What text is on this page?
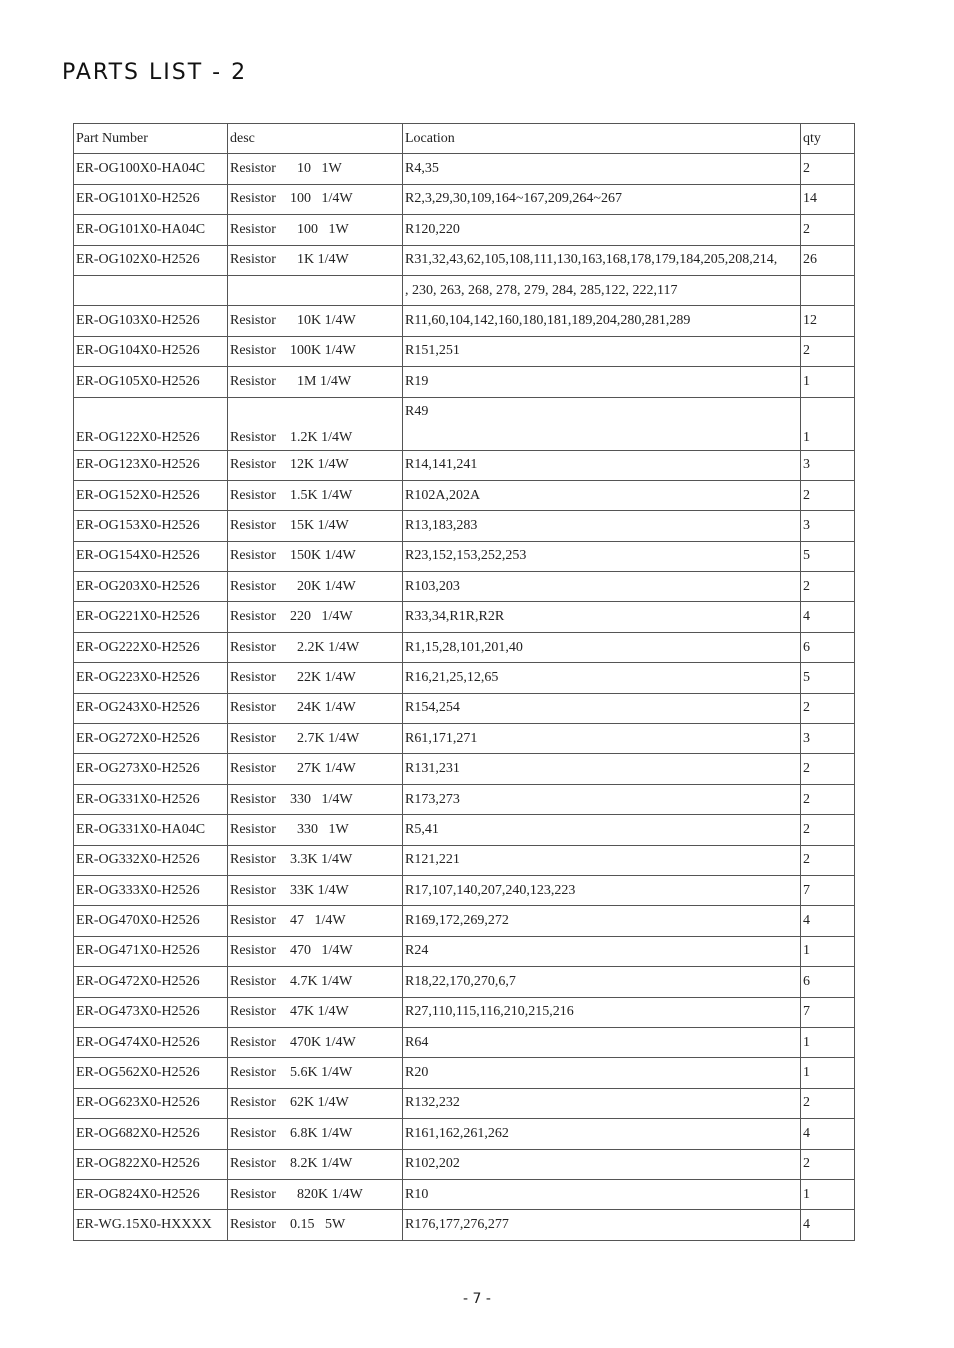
PARTS LIST - 2
Part Number	desc	Location	qty
ER-OG100X0-HA04C	Resistor  10   1W	R4,35	2
ER-OG101X0-H2526	Resistor 100   1/4W	R2,3,29,30,109,164~167,209,264~267	14
ER-OG101X0-HA04C	Resistor  100   1W	R120,220	2
ER-OG102X0-H2526	Resistor  1K 1/4W	R31,32,43,62,105,108,111,130,163,168,178,179,184,205,208,214,	26
		, 230, 263, 268, 278, 279, 284, 285,122, 222,117	
ER-OG103X0-H2526	Resistor  10K 1/4W	R11,60,104,142,160,180,181,189,204,280,281,289	12
ER-OG104X0-H2526	Resistor 100K 1/4W	R151,251	2
ER-OG105X0-H2526	Resistor  1M 1/4W	R19	1
ER-OG122X0-H2526	Resistor 1.2K 1/4W	R49	1
ER-OG123X0-H2526	Resistor 12K 1/4W	R14,141,241	3
ER-OG152X0-H2526	Resistor 1.5K 1/4W	R102A,202A	2
ER-OG153X0-H2526	Resistor 15K 1/4W	R13,183,283	3
ER-OG154X0-H2526	Resistor 150K 1/4W	R23,152,153,252,253	5
ER-OG203X0-H2526	Resistor  20K 1/4W	R103,203	2
ER-OG221X0-H2526	Resistor 220   1/4W	R33,34,R1R,R2R	4
ER-OG222X0-H2526	Resistor  2.2K 1/4W	R1,15,28,101,201,40	6
ER-OG223X0-H2526	Resistor  22K 1/4W	R16,21,25,12,65	5
ER-OG243X0-H2526	Resistor  24K 1/4W	R154,254	2
ER-OG272X0-H2526	Resistor  2.7K 1/4W	R61,171,271	3
ER-OG273X0-H2526	Resistor  27K 1/4W	R131,231	2
ER-OG331X0-H2526	Resistor 330   1/4W	R173,273	2
ER-OG331X0-HA04C	Resistor  330   1W	R5,41	2
ER-OG332X0-H2526	Resistor 3.3K 1/4W	R121,221	2
ER-OG333X0-H2526	Resistor 33K 1/4W	R17,107,140,207,240,123,223	7
ER-OG470X0-H2526	Resistor 47   1/4W	R169,172,269,272	4
ER-OG471X0-H2526	Resistor 470   1/4W	R24	1
ER-OG472X0-H2526	Resistor 4.7K 1/4W	R18,22,170,270,6,7	6
ER-OG473X0-H2526	Resistor 47K 1/4W	R27,110,115,116,210,215,216	7
ER-OG474X0-H2526	Resistor 470K 1/4W	R64	1
ER-OG562X0-H2526	Resistor 5.6K 1/4W	R20	1
ER-OG623X0-H2526	Resistor 62K 1/4W	R132,232	2
ER-OG682X0-H2526	Resistor 6.8K 1/4W	R161,162,261,262	4
ER-OG822X0-H2526	Resistor 8.2K 1/4W	R102,202	2
ER-OG824X0-H2526	Resistor  820K 1/4W	R10	1
ER-WG.15X0-HXXXX	Resistor 0.15   5W	R176,177,276,277	4
- 7 -
